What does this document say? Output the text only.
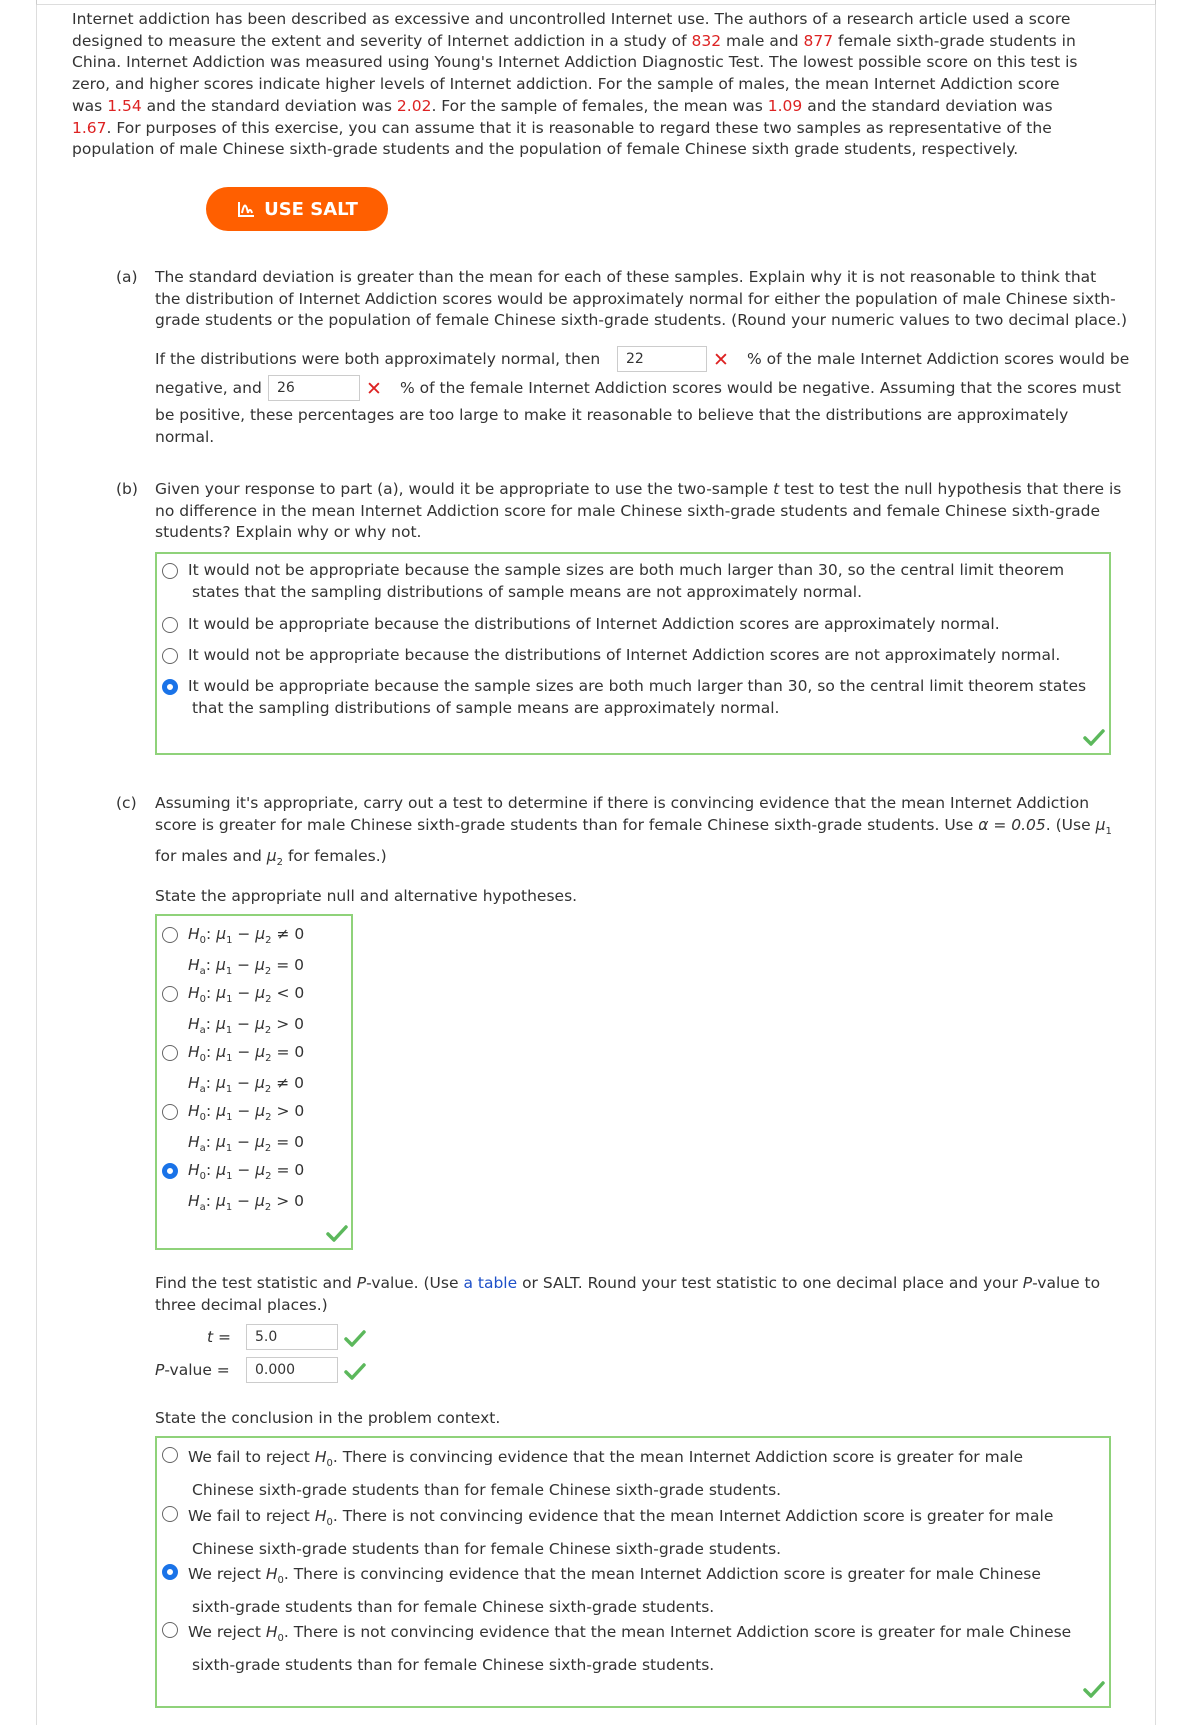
Internet addiction has been described as excessive and uncontrolled Internet use. The authors of a research article used a score
designed to measure the extent and severity of Internet addiction in a study of 832 male and 877 female sixth-grade students in
China. Internet Addiction was measured using Young's Internet Addiction Diagnostic Test. The lowest possible score on this test is
zero, and higher scores indicate higher levels of Internet addiction. For the sample of males, the mean Internet Addiction score
was 1.54 and the standard deviation was 2.02. For the sample of females, the mean was 1.09 and the standard deviation was
1.67. For purposes of this exercise, you can assume that it is reasonable to regard these two samples as representative of the
population of male Chinese sixth-grade students and the population of female Chinese sixth grade students, respectively.
USE SALT
(a) The standard deviation is greater than the mean for each of these samples. Explain why it is not reasonable to think that
the distribution of Internet Addiction scores would be approximately normal for either the population of male Chinese sixth-
grade students or the population of female Chinese sixth-grade students. (Round your numeric values to two decimal place.)
If the distributions were both approximately normal, then	22	✕ % of the male Internet Addiction scores would be
negative, and	26	✕ % of the female Internet Addiction scores would be negative. Assuming that the scores must
be positive, these percentages are too large to make it reasonable to believe that the distributions are approximately
normal.
(b) Given your response to part (a), would it be appropriate to use the two-sample t test to test the null hypothesis that there is
no difference in the mean Internet Addiction score for male Chinese sixth-grade students and female Chinese sixth-grade
students? Explain why or why not.
It would not be appropriate because the sample sizes are both much larger than 30, so the central limit theorem
states that the sampling distributions of sample means are not approximately normal.
It would be appropriate because the distributions of Internet Addiction scores are approximately normal.
It would not be appropriate because the distributions of Internet Addiction scores are not approximately normal.
It would be appropriate because the sample sizes are both much larger than 30, so the central limit theorem states
that the sampling distributions of sample means are approximately normal.
(c) Assuming it's appropriate, carry out a test to determine if there is convincing evidence that the mean Internet Addiction
score is greater for male Chinese sixth-grade students than for female Chinese sixth-grade students. Use α = 0.05. (Use $\mu_1$
for males and $\mu_2$ for females.)
State the appropriate null and alternative hypotheses.
$H_0$: $\mu_1 - \mu_2 \ne 0$
$H_a$: $\mu_1 - \mu_2 = 0$
$H_0$: $\mu_1 - \mu_2 < 0$
$H_a$: $\mu_1 - \mu_2 > 0$
$H_0$: $\mu_1 - \mu_2 = 0$
$H_a$: $\mu_1 - \mu_2 \ne 0$
$H_0$: $\mu_1 - \mu_2 > 0$
$H_a$: $\mu_1 - \mu_2 = 0$
$H_0$: $\mu_1 - \mu_2 = 0$
$H_a$: $\mu_1 - \mu_2 > 0$
Find the test statistic and P-value. (Use a table or SALT. Round your test statistic to one decimal place and your P-value to
three decimal places.)
t =	5.0
P-value =	0.000
State the conclusion in the problem context.
We fail to reject $H_0$. There is convincing evidence that the mean Internet Addiction score is greater for male
Chinese sixth-grade students than for female Chinese sixth-grade students.
We fail to reject $H_0$. There is not convincing evidence that the mean Internet Addiction score is greater for male
Chinese sixth-grade students than for female Chinese sixth-grade students.
We reject $H_0$. There is convincing evidence that the mean Internet Addiction score is greater for male Chinese
sixth-grade students than for female Chinese sixth-grade students.
We reject $H_0$. There is not convincing evidence that the mean Internet Addiction score is greater for male Chinese
sixth-grade students than for female Chinese sixth-grade students.
